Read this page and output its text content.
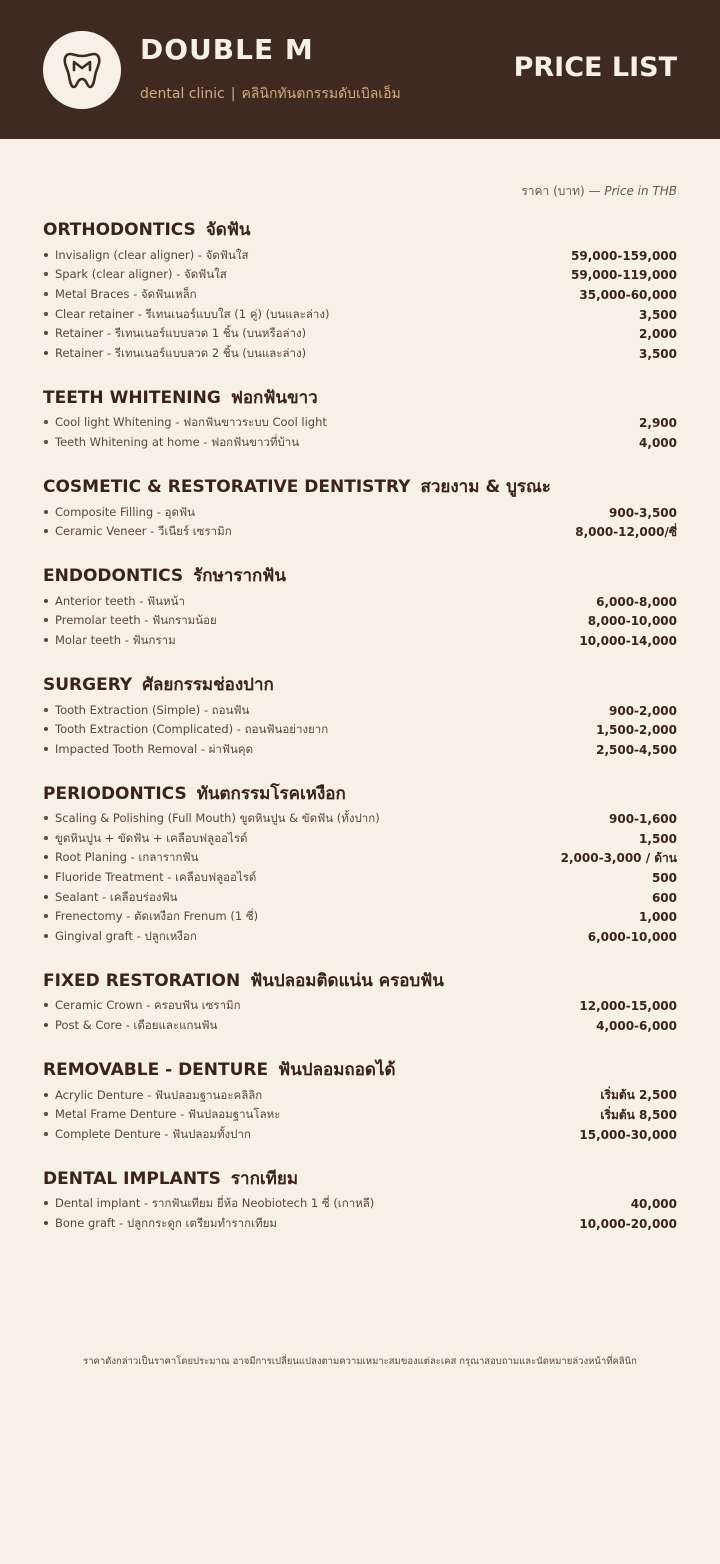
DOUBLE M
dental clinic | คลินิกทันตกรรมดับเบิลเอ็ม
PRICE LIST
ราคา (บาท) — Price in THB
ORTHODONTICS จัดฟัน
Invisalign (clear aligner) - จัดฟันใส	59,000-159,000
Spark (clear aligner) - จัดฟันใส	59,000-119,000
Metal Braces - จัดฟันเหล็ก	35,000-60,000
Clear retainer - รีเทนเนอร์แบบใส (1 คู่) (บนและล่าง)	3,500
Retainer - รีเทนเนอร์แบบลวด 1 ชิ้น (บนหรือล่าง)	2,000
Retainer - รีเทนเนอร์แบบลวด 2 ชิ้น (บนและล่าง)	3,500
TEETH WHITENING ฟอกฟันขาว
Cool light Whitening - ฟอกฟันขาวระบบ Cool light	2,900
Teeth Whitening at home - ฟอกฟันขาวที่บ้าน	4,000
COSMETIC & RESTORATIVE DENTISTRY สวยงาม & บูรณะ
Composite Filling - อุดฟัน	900-3,500
Ceramic Veneer - วีเนียร์ เซรามิก	8,000-12,000/ซี่
ENDODONTICS รักษารากฟัน
Anterior teeth - ฟันหน้า	6,000-8,000
Premolar teeth - ฟันกรามน้อย	8,000-10,000
Molar teeth - ฟันกราม	10,000-14,000
SURGERY ศัลยกรรมช่องปาก
Tooth Extraction (Simple) - ถอนฟัน	900-2,000
Tooth Extraction (Complicated) - ถอนฟันอย่างยาก	1,500-2,000
Impacted Tooth Removal - ผ่าฟันคุด	2,500-4,500
PERIODONTICS ทันตกรรมโรคเหงือก
Scaling & Polishing (Full Mouth) ขูดหินปูน & ขัดฟัน (ทั้งปาก)	900-1,600
ขูดหินปูน + ขัดฟัน + เคลือบฟลูออไรด์	1,500
Root Planing - เกลารากฟัน	2,000-3,000 / ด้าน
Fluoride Treatment - เคลือบฟลูออไรด์	500
Sealant - เคลือบร่องฟัน	600
Frenectomy - ตัดเหงือก Frenum (1 ซี่)	1,000
Gingival graft - ปลูกเหงือก	6,000-10,000
FIXED RESTORATION ฟันปลอมติดแน่น ครอบฟัน
Ceramic Crown - ครอบฟัน เซรามิก	12,000-15,000
Post & Core - เดือยและแกนฟัน	4,000-6,000
REMOVABLE - DENTURE ฟันปลอมถอดได้
Acrylic Denture - ฟันปลอมฐานอะคลิลิก	เริ่มต้น 2,500
Metal Frame Denture - ฟันปลอมฐานโลหะ	เริ่มต้น 8,500
Complete Denture - ฟันปลอมทั้งปาก	15,000-30,000
DENTAL IMPLANTS รากเทียม
Dental implant - รากฟันเทียม ยี่ห้อ Neobiotech 1 ซี่ (เกาหลี)	40,000
Bone graft - ปลูกกระดูก เตรียมทำรากเทียม	10,000-20,000
ราคาดังกล่าวเป็นราคาโดยประมาณ อาจมีการเปลี่ยนแปลงตามความเหมาะสมของแต่ละเคส กรุณาสอบถามและนัดหมายล่วงหน้าที่คลินิก
